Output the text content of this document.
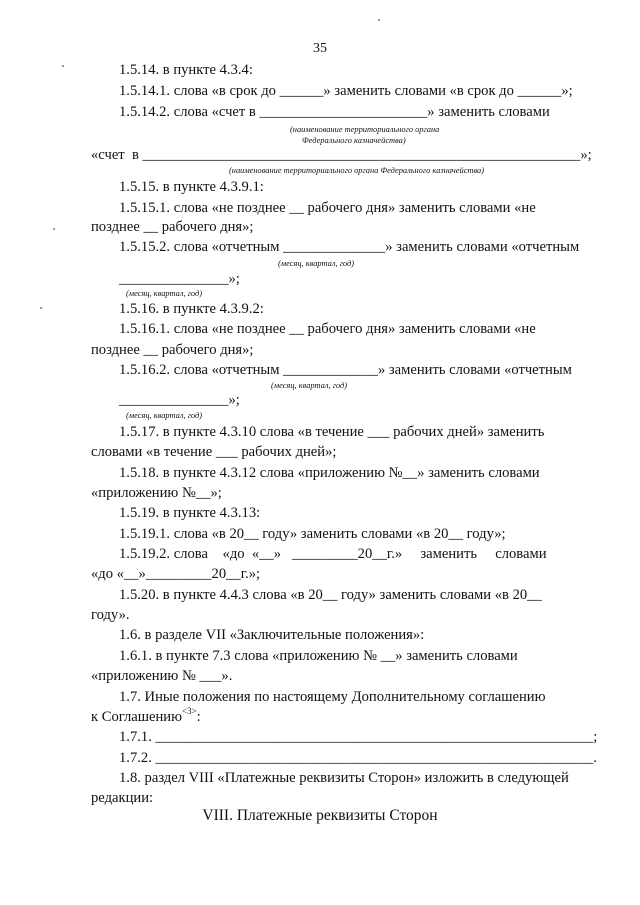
35
1.5.14. в пункте 4.3.4:
1.5.14.1. слова «в срок до ______» заменить словами «в срок до ______»;
1.5.14.2. слова «счет в _______________________» заменить словами
(наименование территориального органа
Федерального казначейства)
«счет  в ____________________________________________________________»;
(наименование территориального органа Федерального казначейства)
1.5.15. в пункте 4.3.9.1:
1.5.15.1. слова «не позднее __ рабочего дня» заменить словами «не
позднее __ рабочего дня»;
1.5.15.2. слова «отчетным ______________» заменить словами «отчетным
(месяц, квартал, год)
_______________»;
(месяц, квартал, год)
1.5.16. в пункте 4.3.9.2:
1.5.16.1. слова «не позднее __ рабочего дня» заменить словами «не
позднее __ рабочего дня»;
1.5.16.2. слова «отчетным _____________» заменить словами «отчетным
(месяц, квартал, год)
_______________»;
(месяц, квартал, год)
1.5.17. в пункте 4.3.10 слова «в течение ___ рабочих дней» заменить
словами «в течение ___ рабочих дней»;
1.5.18. в пункте 4.3.12 слова «приложению №__» заменить словами
«приложению №__»;
1.5.19. в пункте 4.3.13:
1.5.19.1. слова «в 20__ году» заменить словами «в 20__ году»;
1.5.19.2. слова    «до  «__»   _________20__г.»     заменить     словами
«до «__»_________20__г.»;
1.5.20. в пункте 4.4.3 слова «в 20__ году» заменить словами «в 20__
году».
1.6. в разделе VII «Заключительные положения»:
1.6.1. в пункте 7.3 слова «приложению № __» заменить словами
«приложению № ___».
1.7. Иные положения по настоящему Дополнительному соглашению
к Соглашению$^{<3>}$:
1.7.1. ____________________________________________________________;
1.7.2. ____________________________________________________________.
1.8. раздел VIII «Платежные реквизиты Сторон» изложить в следующей
редакции:
VIII. Платежные реквизиты Сторон
